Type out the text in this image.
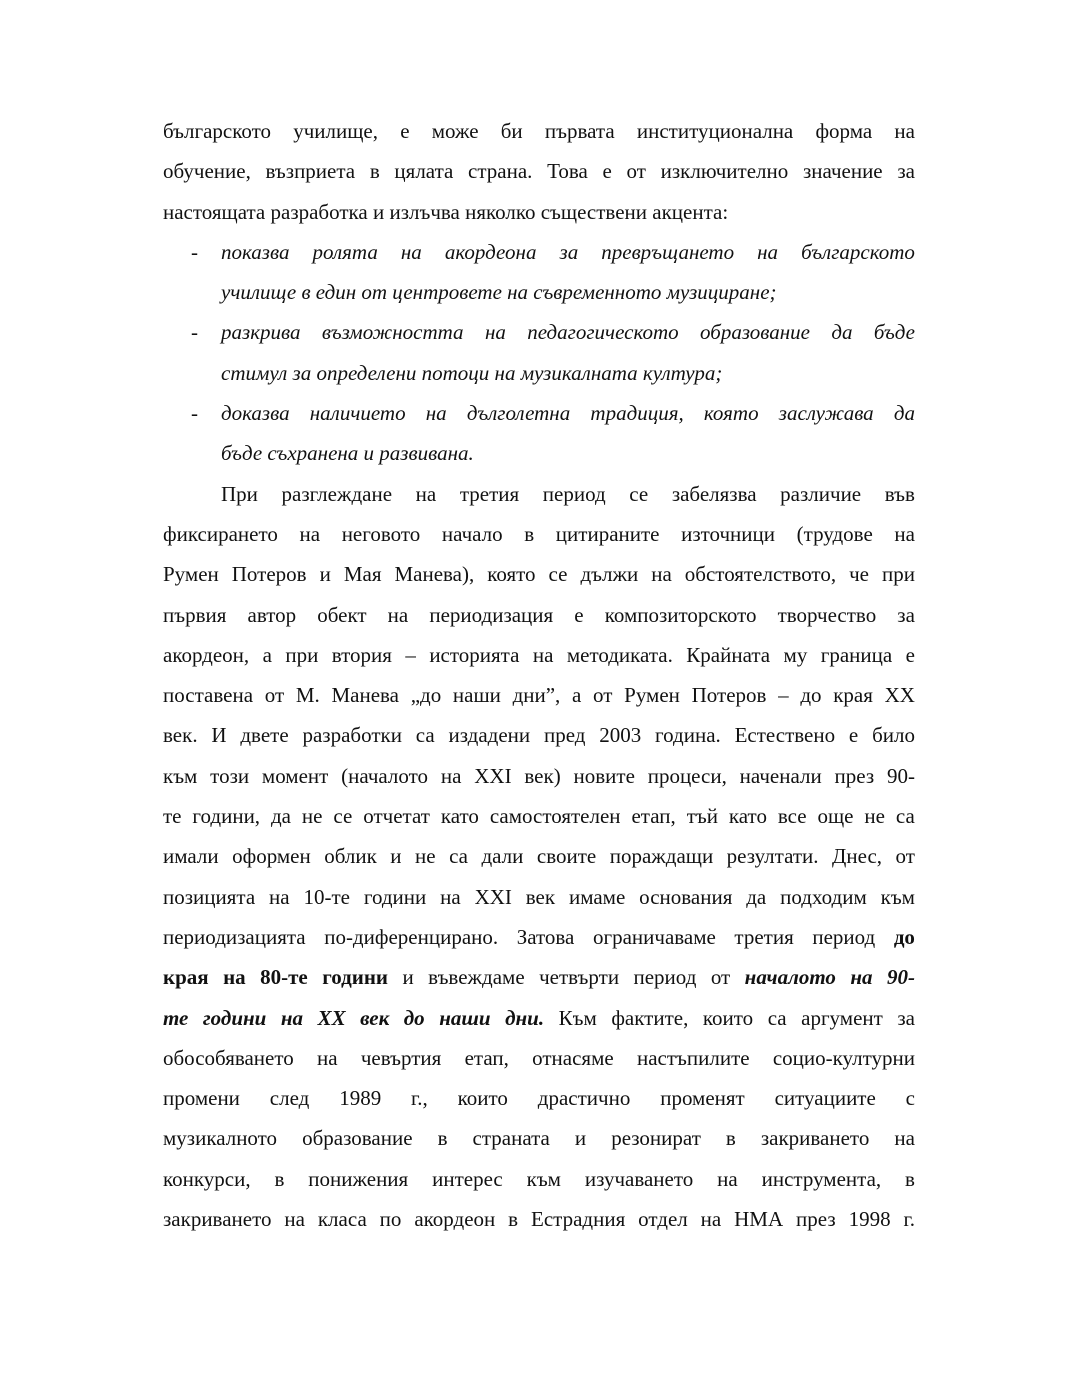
българското училище, е може би първата институционална форма на
обучение, възприета в цялата страна. Това е от изключително значение за
настоящата разработка и излъчва няколко съществени акцента:
-	показва ролята на акордеона за превръщането на българското
училище в един от центровете на съвременното музициране;
-	разкрива възможността на педагогическото образование да бъде
стимул за определени потоци на музикалната култура;
-	доказва наличието на дълголетна традиция, която заслужава да
бъде съхранена и развивана.
При разглеждане на третия период се забелязва различие във
фиксирането на неговото начало в цитираните източници (трудове на
Румен Потеров и Мая Манева), която се дължи на обстоятелството, че при
първия автор обект на периодизация е композиторското творчество за
акордеон, а при втория – историята на методиката. Крайната му граница е
поставена от М. Манева „до наши дни”, а от Румен Потеров – до края ХХ
век. И двете разработки са издадени пред 2003 година. Естествено е било
към този момент (началото на ХХI век) новите процеси, наченали през 90-
те години, да не се отчетат като самостоятелен етап, тъй като все още не са
имали оформен облик и не са дали своите пораждащи резултати. Днес, от
позицията на 10-те години на ХХI век имаме основания да подходим към
периодизацията по-диференцирано. Затова ограничаваме третия период до
края на 80-те години и въвеждаме четвърти период от началото на 90-
те години на ХХ век до наши дни. Към фактите, които са аргумент за
обособяването на чевъртия етап, отнасяме настъпилите социо-културни
промени след 1989 г., които драстично променят ситуациите с
музикалното образование в страната и резонират в закриването на
конкурси, в понижения интерес към изучаването на инструмента, в
закриването на класа по акордеон в Естрадния отдел на НМА през 1998 г.
